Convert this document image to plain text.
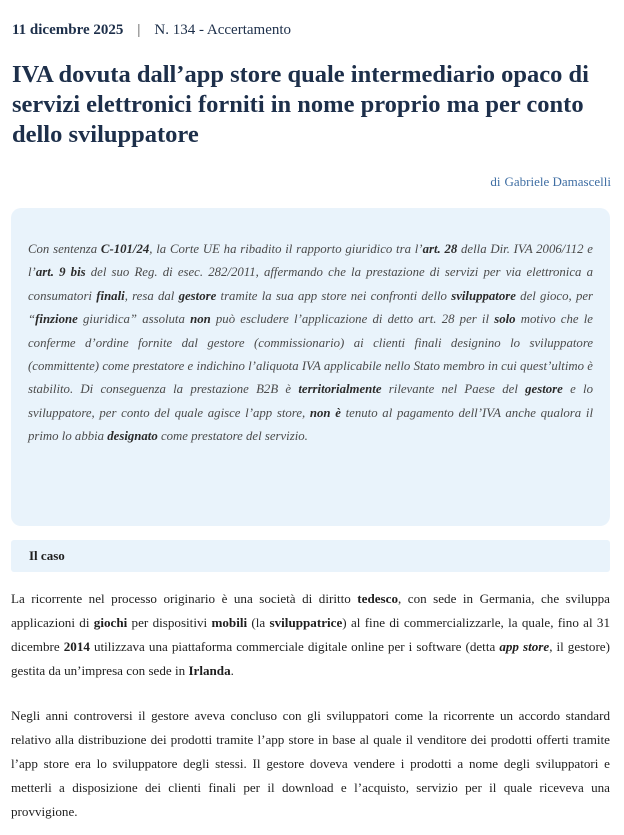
11 dicembre 2025 | N. 134 - Accertamento
IVA dovuta dall’app store quale intermediario opaco di servizi elettronici forniti in nome proprio ma per conto dello sviluppatore
di Gabriele Damascelli

Con sentenza C-101/24, la Corte UE ha ribadito il rapporto giuridico tra l’art. 28 della Dir. IVA 2006/112 e l’art. 9 bis del suo Reg. di esec. 282/2011, affermando che la prestazione di servizi per via elettronica a consumatori finali, resa dal gestore tramite la sua app store nei confronti dello sviluppatore del gioco, per “finzione giuridica” assoluta non può escludere l’applicazione di detto art. 28 per il solo motivo che le conferme d’ordine fornite dal gestore (commissionario) ai clienti finali designino lo sviluppatore (committente) come prestatore e indichino l’aliquota IVA applicabile nello Stato membro in cui quest’ultimo è stabilito. Di conseguenza la prestazione B2B è territorialmente rilevante nel Paese del gestore e lo sviluppatore, per conto del quale agisce l’app store, non è tenuto al pagamento dell’IVA anche qualora il primo lo abbia designato come prestatore del servizio.

Il caso

La ricorrente nel processo originario è una società di diritto tedesco, con sede in Germania, che sviluppa applicazioni di giochi per dispositivi mobili (la sviluppatrice) al fine di commercializzarle, la quale, fino al 31 dicembre 2014 utilizzava una piattaforma commerciale digitale online per i software (detta app store, il gestore) gestita da un’impresa con sede in Irlanda.

Negli anni controversi il gestore aveva concluso con gli sviluppatori come la ricorrente un accordo standard relativo alla distribuzione dei prodotti tramite l’app store in base al quale il venditore dei prodotti offerti tramite l’app store era lo sviluppatore degli stessi. Il gestore doveva vendere i prodotti a nome degli sviluppatori e metterli a disposizione dei clienti finali per il download e l’acquisto, servizio per il quale riceveva una provvigione.
